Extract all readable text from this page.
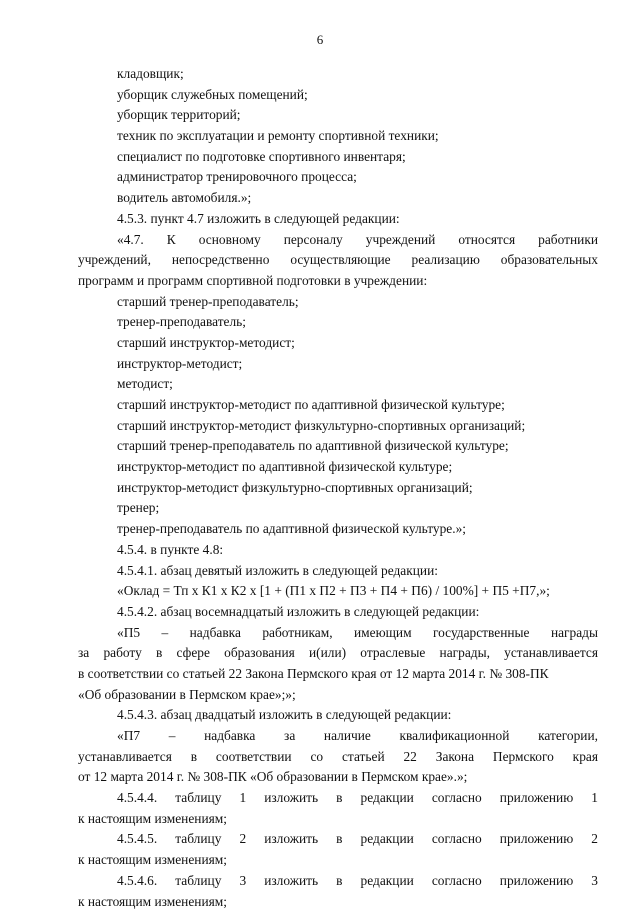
6
кладовщик;
уборщик служебных помещений;
уборщик территорий;
техник по эксплуатации и ремонту спортивной техники;
специалист по подготовке спортивного инвентаря;
администратор тренировочного процесса;
водитель автомобиля.»;
4.5.3. пункт 4.7 изложить в следующей редакции:
«4.7. К основному персоналу учреждений относятся работники
учреждений, непосредственно осуществляющие реализацию образовательных
программ и программ спортивной подготовки в учреждении:
старший тренер-преподаватель;
тренер-преподаватель;
старший инструктор-методист;
инструктор-методист;
методист;
старший инструктор-методист по адаптивной физической культуре;
старший инструктор-методист физкультурно-спортивных организаций;
старший тренер-преподаватель по адаптивной физической культуре;
инструктор-методист по адаптивной физической культуре;
инструктор-методист физкультурно-спортивных организаций;
тренер;
тренер-преподаватель по адаптивной физической культуре.»;
4.5.4. в пункте 4.8:
4.5.4.1. абзац девятый изложить в следующей редакции:
«Оклад = Тп х К1 х К2 х [1 + (П1 х П2 + П3 + П4 + П6) / 100%] + П5 +П7,»;
4.5.4.2. абзац восемнадцатый изложить в следующей редакции:
«П5 – надбавка работникам, имеющим государственные награды
за работу в сфере образования и(или) отраслевые награды, устанавливается
в соответствии со статьей 22 Закона Пермского края от 12 марта 2014 г. № 308-ПК
«Об образовании в Пермском крае»;»;
4.5.4.3. абзац двадцатый изложить в следующей редакции:
«П7 – надбавка за наличие квалификационной категории,
устанавливается в соответствии со статьей 22 Закона Пермского края
от 12 марта 2014 г. № 308-ПК «Об образовании в Пермском крае».»;
4.5.4.4. таблицу 1 изложить в редакции согласно приложению 1
к настоящим изменениям;
4.5.4.5. таблицу 2 изложить в редакции согласно приложению 2
к настоящим изменениям;
4.5.4.6. таблицу 3 изложить в редакции согласно приложению 3
к настоящим изменениям;
